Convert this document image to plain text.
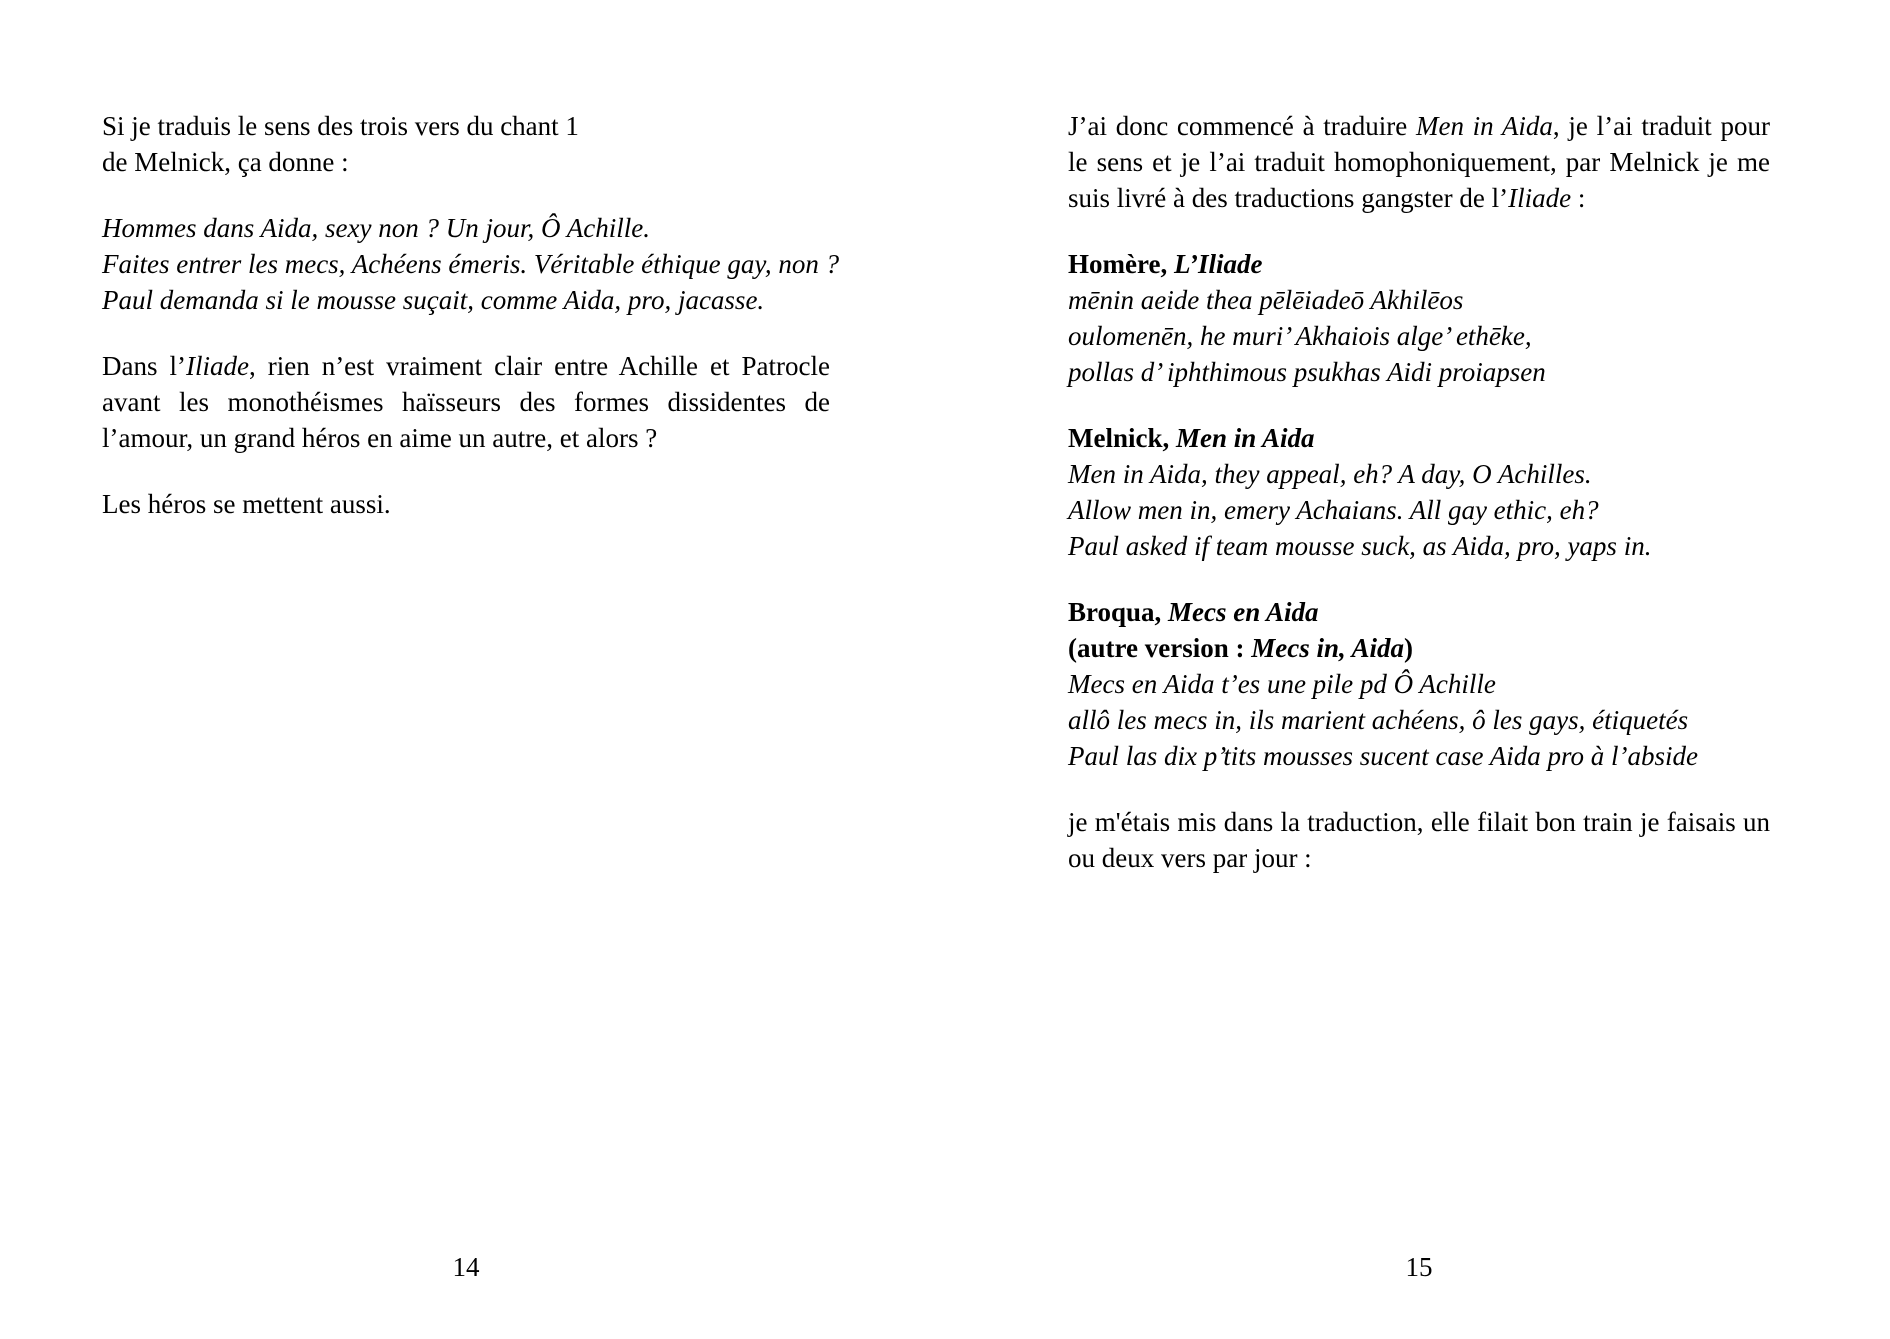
Si je traduis le sens des trois vers du chant 1
de Melnick, ça donne :
Hommes dans Aida, sexy non ? Un jour, Ô Achille.
Faites entrer les mecs, Achéens émeris. Véritable éthique gay, non ?
Paul demanda si le mousse suçait, comme Aida, pro, jacasse.
Dans l’Iliade, rien n’est vraiment clair entre Achille et Patrocle
avant les monothéismes haïsseurs des formes dissidentes de
l’amour, un grand héros en aime un autre, et alors ?
Les héros se mettent aussi.
14
J’ai donc commencé à traduire Men in Aida, je l’ai traduit pour
le sens et je l’ai traduit homophoniquement, par Melnick je me
suis livré à des traductions gangster de l’Iliade :
Homère, L’Iliade
mēnin aeide thea pēlēiadeō Akhilēos
oulomenēn, he muri’ Akhaiois alge’ ethēke,
pollas d’ iphthimous psukhas Aidi proiapsen
Melnick, Men in Aida
Men in Aida, they appeal, eh? A day, O Achilles.
Allow men in, emery Achaians. All gay ethic, eh?
Paul asked if team mousse suck, as Aida, pro, yaps in.
Broqua, Mecs en Aida
(autre version : Mecs in, Aida)
Mecs en Aida t’es une pile pd Ô Achille
allô les mecs in, ils marient achéens, ô les gays, étiquetés
Paul las dix p’tits mousses sucent case Aida pro à l’abside
je m'étais mis dans la traduction, elle filait bon train je faisais un
ou deux vers par jour :
15
